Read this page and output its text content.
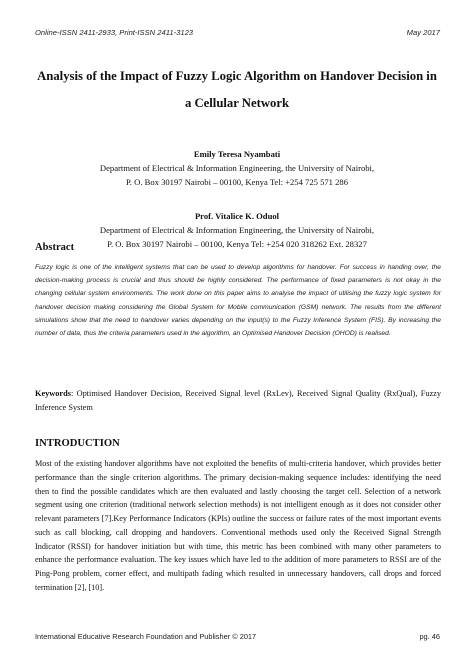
Online-ISSN 2411-2933, Print-ISSN 2411-3123	May 2017
Analysis of the Impact of Fuzzy Logic Algorithm on Handover Decision in
a Cellular Network
Emily Teresa Nyambati
Department of Electrical & Information Engineering, the University of Nairobi,
P. O. Box 30197 Nairobi – 00100, Kenya Tel: +254 725 571 286
Prof. Vitalice K. Oduol
Department of Electrical & Information Engineering, the University of Nairobi,
P. O. Box 30197 Nairobi – 00100, Kenya Tel: +254 020 318262 Ext. 28327
Abstract
Fuzzy logic is one of the intelligent systems that can be used to develop algorithms for handover. For success in handing over, the decision-making process is crucial and thus should be highly considered. The performance of fixed parameters is not okay in the changing cellular system environments. The work done on this paper aims to analyse the impact of utilising the fuzzy logic system for handover decision making considering the Global System for Mobile communication (GSM) network. The results from the different simulations show that the need to handover varies depending on the input(s) to the Fuzzy Inference System (FIS). By increasing the number of data, thus the criteria parameters used in the algorithm, an Optimised Handover Decision (OHOD) is realised.
Keywords: Optimised Handover Decision, Received Signal level (RxLev), Received Signal Quality (RxQual), Fuzzy Inference System
INTRODUCTION
Most of the existing handover algorithms have not exploited the benefits of multi-criteria handover, which provides better performance than the single criterion algorithms. The primary decision-making sequence includes: identifying the need then to find the possible candidates which are then evaluated and lastly choosing the target cell. Selection of a network segment using one criterion (traditional network selection methods) is not intelligent enough as it does not consider other relevant parameters [7].Key Performance Indicators (KPIs) outline the success or failure rates of the most important events such as call blocking, call dropping and handovers. Conventional methods used only the Received Signal Strength Indicator (RSSI) for handover initiation but with time, this metric has been combined with many other parameters to enhance the performance evaluation. The key issues which have led to the addition of more parameters to RSSI are of the Ping-Pong problem, corner effect, and multipath fading which resulted in unnecessary handovers, call drops and forced termination [2], [10].
International Educative Research Foundation and Publisher © 2017	pg. 46
